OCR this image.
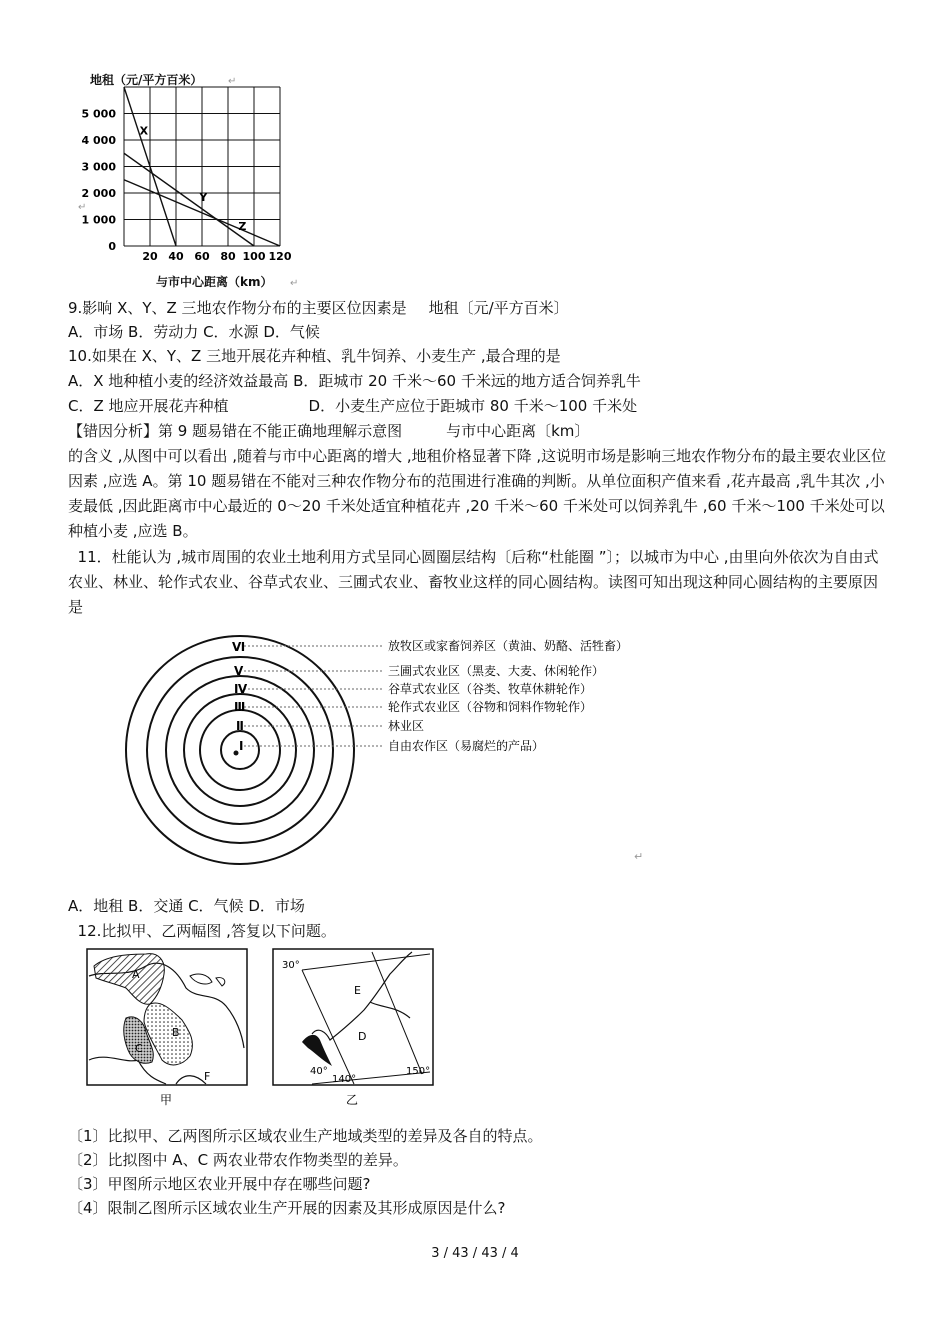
地租（元/平方百米）	↵
5 000
4 000
3 000
2 000
1 000
0
20 40 60 80 100 120
X
Y
Z
与市中心距离（km） ↵
↵
9.影响 X、Y、Z 三地农作物分布的主要区位因素是 地租〔元/平方百米〕
A．市场 B．劳动力 C．水源 D．气候
10.如果在 X、Y、Z 三地开展花卉种植、乳牛饲养、小麦生产 ,最合理的是
A．X 地种植小麦的经济效益最高 B．距城市 20 千米～60 千米远的地方适合饲养乳牛
C．Z 地应开展花卉种植	D．小麦生产应位于距城市 80 千米～100 千米处
【错因分析】第 9 题易错在不能正确地理解示意图	与市中心距离〔km〕
的含义 ,从图中可以看出 ,随着与市中心距离的增大 ,地租价格显著下降 ,这说明市场是影响三地农作物分布的最主要农业区位因素 ,应选 A。第 10 题易错在不能对三种农作物分布的范围进行准确的判断。从单位面积产值来看 ,花卉最高 ,乳牛其次 ,小麦最低 ,因此距离市中心最近的 0～20 千米处适宜种植花卉 ,20 千米～60 千米处可以饲养乳牛 ,60 千米～100 千米处可以种植小麦 ,应选 B。
11．杜能认为 ,城市周围的农业土地利用方式呈同心圆圈层结构〔后称“杜能圈 ”〕；以城市为中心 ,由里向外依次为自由式农业、林业、轮作式农业、谷草式农业、三圃式农业、畜牧业这样的同心圆结构。读图可知出现这种同心圆结构的主要原因是
Ⅵ
Ⅴ
Ⅳ
Ⅲ
Ⅱ
Ⅰ
放牧区或家畜饲养区（黄油、奶酪、活牲畜）
三圃式农业区（黑麦、大麦、休闲轮作）
谷草式农业区（谷类、牧草休耕轮作）
轮作式农业区（谷物和饲料作物轮作）
林业区
自由农作区（易腐烂的产品）
↵
A．地租 B．交通 C．气候 D．市场
12.比拟甲、乙两幅图 ,答复以下问题。
A
B
C
F
甲
E
D
30°
40°
140°
150°
乙
〔1〕比拟甲、乙两图所示区域农业生产地域类型的差异及各自的特点。
〔2〕比拟图中 A、C 两农业带农作物类型的差异。
〔3〕甲图所示地区农业开展中存在哪些问题?
〔4〕限制乙图所示区域农业生产开展的因素及其形成原因是什么?
3 / 43 / 43 / 4
